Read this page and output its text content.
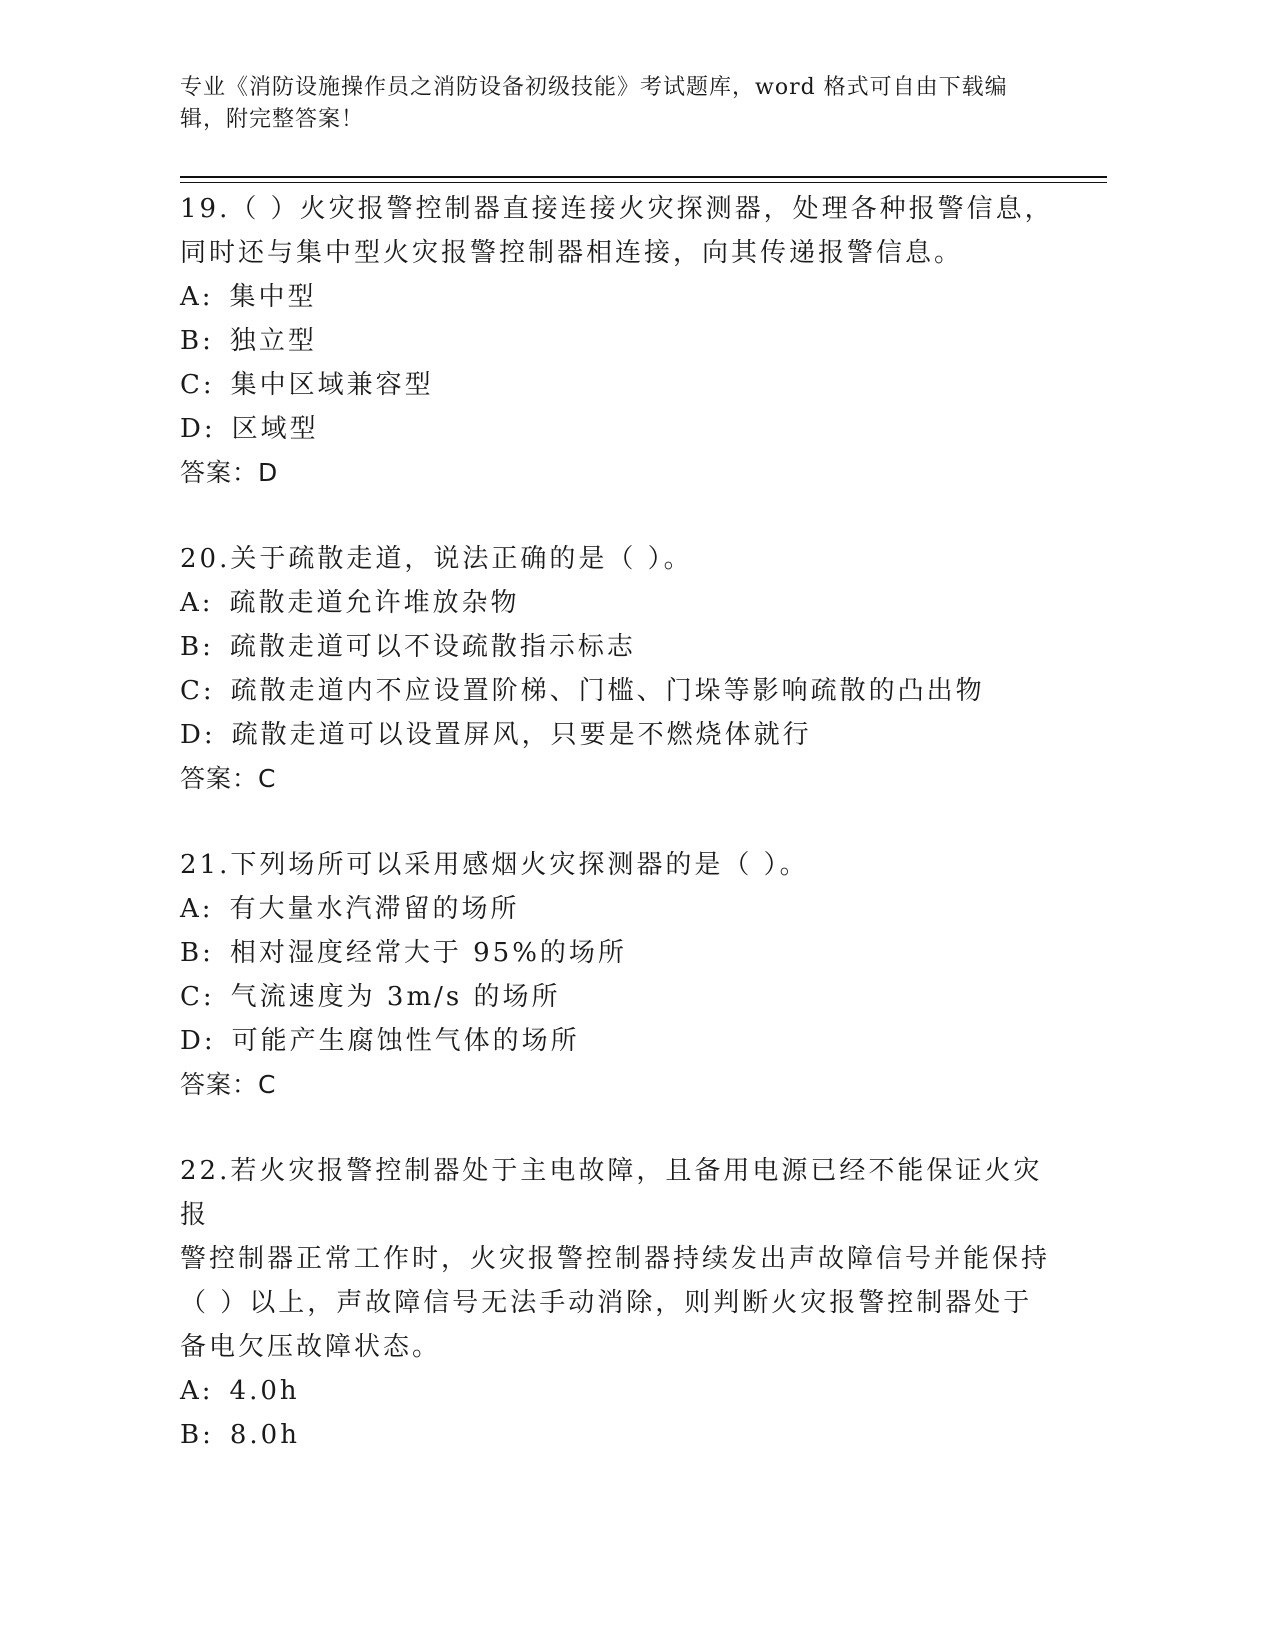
专业《消防设施操作员之消防设备初级技能》考试题库，word 格式可自由下载编
辑，附完整答案！
19.（ ）火灾报警控制器直接连接火灾探测器，处理各种报警信息，
同时还与集中型火灾报警控制器相连接，向其传递报警信息。
A: 集中型
B: 独立型
C: 集中区域兼容型
D: 区域型
答案：D
20.关于疏散走道，说法正确的是（ ）。
A: 疏散走道允许堆放杂物
B: 疏散走道可以不设疏散指示标志
C: 疏散走道内不应设置阶梯、门槛、门垛等影响疏散的凸出物
D: 疏散走道可以设置屏风，只要是不燃烧体就行
答案：C
21.下列场所可以采用感烟火灾探测器的是（ ）。
A: 有大量水汽滞留的场所
B: 相对湿度经常大于 95%的场所
C: 气流速度为 3m/s 的场所
D: 可能产生腐蚀性气体的场所
答案：C
22.若火灾报警控制器处于主电故障，且备用电源已经不能保证火灾报
警控制器正常工作时，火灾报警控制器持续发出声故障信号并能保持
（ ）以上，声故障信号无法手动消除，则判断火灾报警控制器处于
备电欠压故障状态。
A: 4.0h
B: 8.0h
